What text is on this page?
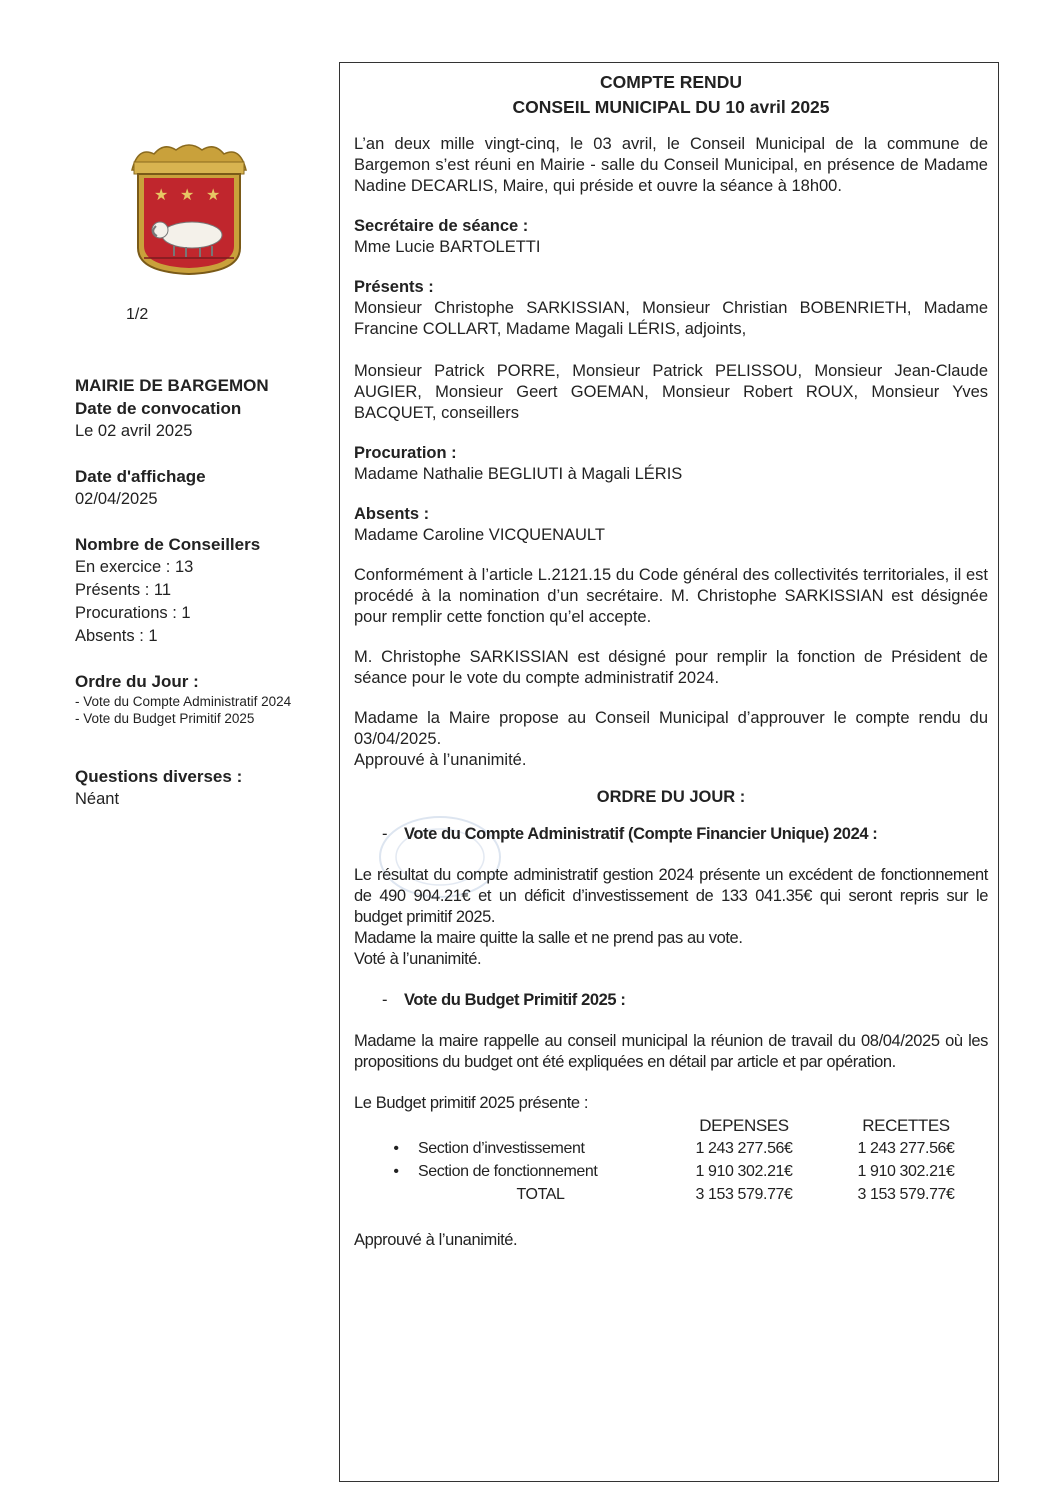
★ ★ ★
1/2
MAIRIE DE BARGEMON
Date de convocation
Le 02 avril 2025
Date d'affichage
02/04/2025
Nombre de Conseillers
En exercice : 13
Présents : 11
Procurations : 1
Absents : 1
Ordre du Jour :
- Vote du Compte Administratif 2024
- Vote du Budget Primitif 2025
Questions diverses :
Néant
COMPTE RENDU
CONSEIL MUNICIPAL DU 10 avril 2025

L’an deux mille vingt-cinq, le 03 avril, le Conseil Municipal de la commune de Bargemon s’est réuni en Mairie - salle du Conseil Municipal, en présence de Madame Nadine DECARLIS, Maire, qui préside et ouvre la séance à 18h00.

Secrétaire de séance :
Mme Lucie BARTOLETTI
Présents :

Monsieur Christophe SARKISSIAN, Monsieur Christian BOBENRIETH, Madame Francine COLLART, Madame Magali LÉRIS, adjoints,

Monsieur Patrick PORRE, Monsieur Patrick PELISSOU, Monsieur Jean-Claude AUGIER, Monsieur Geert GOEMAN, Monsieur Robert ROUX, Monsieur Yves BACQUET, conseillers

Procuration :
Madame Nathalie BEGLIUTI à Magali LÉRIS
Absents :
Madame Caroline VICQUENAULT

Conformément à l’article L.2121.15 du Code général des collectivités territoriales, il est procédé à la nomination d’un secrétaire. M. Christophe SARKISSIAN est désignée pour remplir cette fonction qu’el accepte.

M. Christophe SARKISSIAN est désigné pour remplir la fonction de Président de séance pour le vote du compte administratif 2024.

Madame la Maire propose au Conseil Municipal d’approuver le compte rendu du 03/04/2025.

Approuvé à l’unanimité.
ORDRE DU JOUR :
- Vote du Compte Administratif (Compte Financier Unique) 2024 :

Le résultat du compte administratif gestion 2024 présente un excédent de fonctionnement de 490 904.21€ et un déficit d’investissement de 133 041.35€ qui seront repris sur le budget primitif 2025.

Madame la maire quitte la salle et ne prend pas au vote.
Voté à l’unanimité.
- Vote du Budget Primitif 2025 :

Madame la maire rappelle au conseil municipal la réunion de travail du 08/04/2025 où les propositions du budget ont été expliquées en détail par article et par opération.

Le Budget primitif 2025 présente :
		DEPENSES	RECETTES
•	Section d’investissement	1 243 277.56€	1 243 277.56€
•	Section de fonctionnement	1 910 302.21€	1 910 302.21€
	TOTAL	3 153 579.77€	3 153 579.77€
Approuvé à l’unanimité.
